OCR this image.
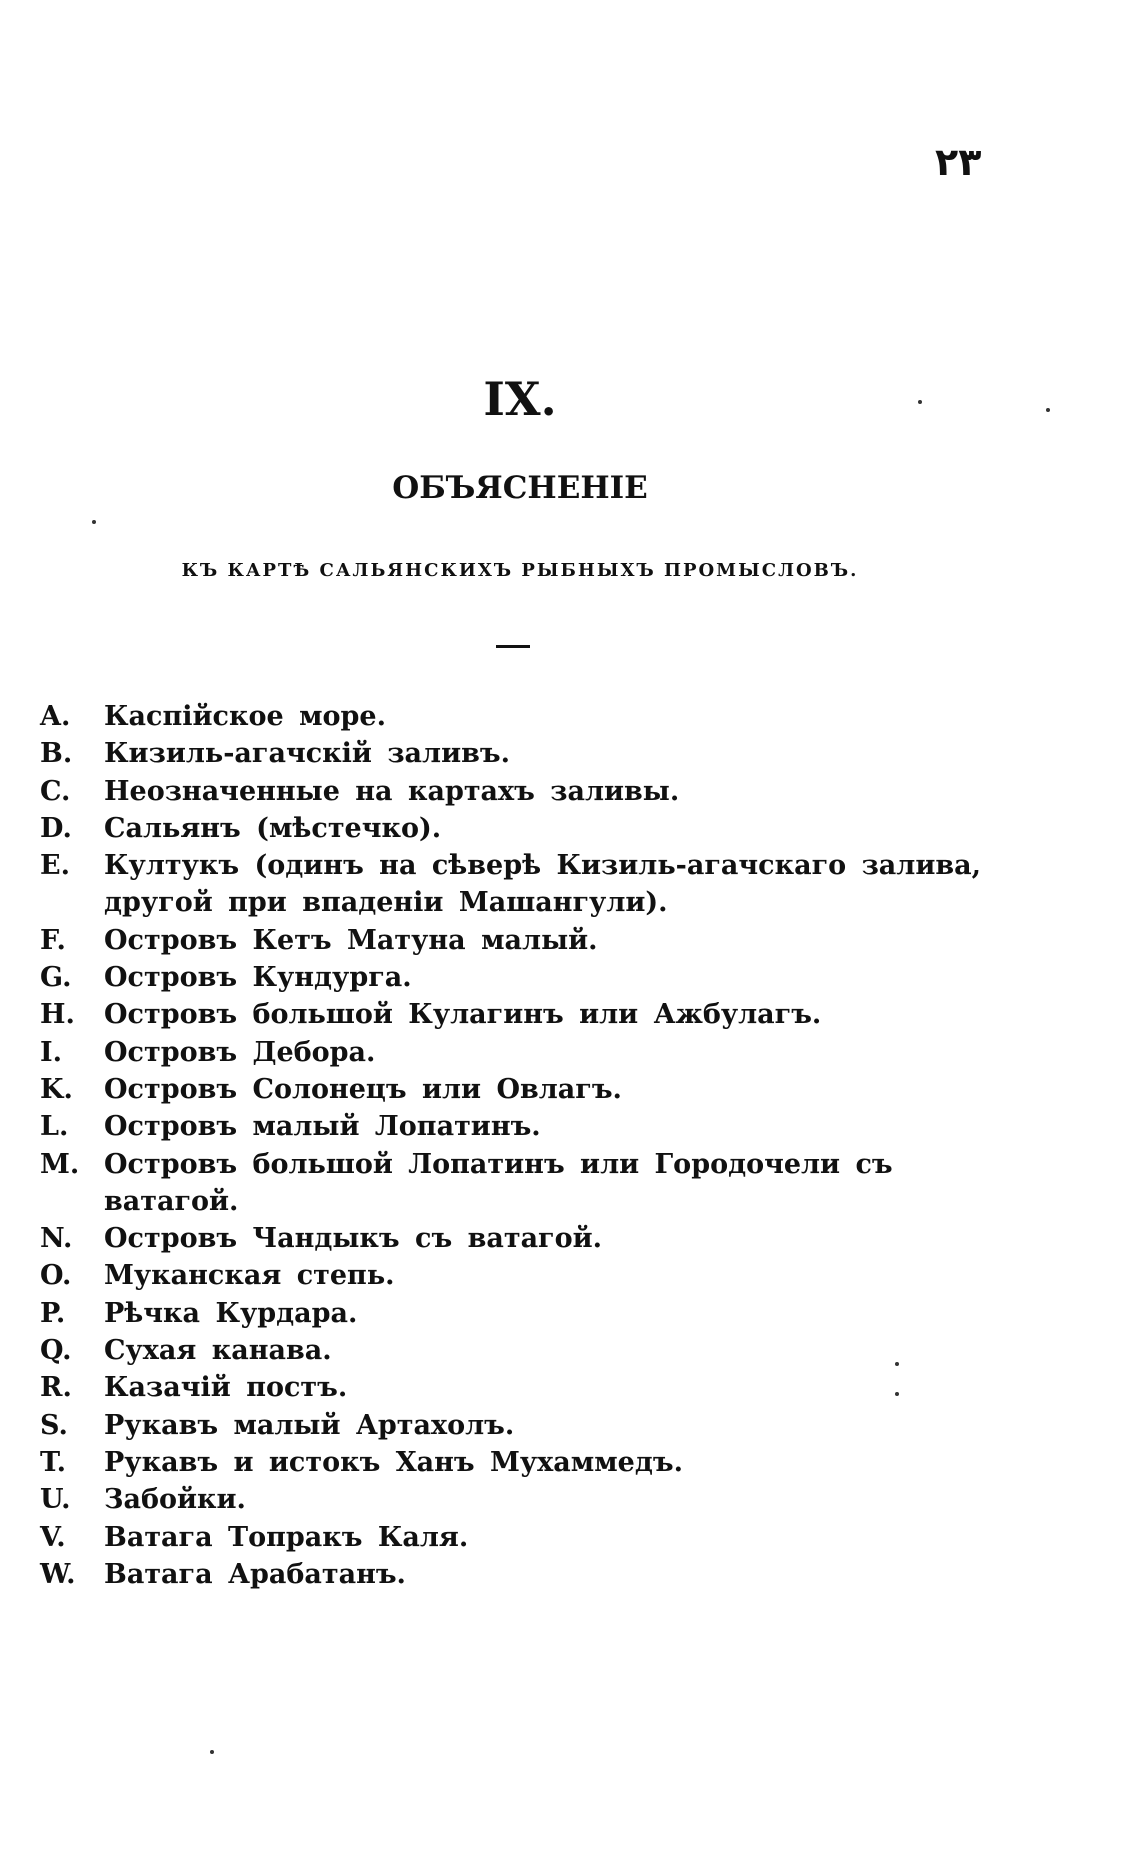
۲۳
IX.
ОБЪЯСНЕНІЕ
КЪ КАРТѢ САЛЬЯНСКИХЪ РЫБНЫХЪ ПРОМЫСЛОВЪ.
A.	Каспійское море.
B.	Кизиль-агачскій заливъ.
C.	Неозначенные на картахъ заливы.
D.	Сальянъ (мѣстечко).
E.	Култукъ (одинъ на сѣверѣ Кизиль-агачскаго залива, другой при впаденіи Машангули).
F.	Островъ Кетъ Матуна малый.
G.	Островъ Кундурга.
H.	Островъ большой Кулагинъ или Ажбулагъ.
I.	Островъ Дебора.
K.	Островъ Солонецъ или Овлагъ.
L.	Островъ малый Лопатинъ.
M. Островъ большой Лопатинъ или Городочели съ ватагой.
N.	Островъ Чандыкъ съ ватагой.
O.	Муканская степь.
P.	Рѣчка Курдара.
Q.	Сухая канава.
R.	Казачій постъ.
S.	Рукавъ малый Артахолъ.
T.	Рукавъ и истокъ Ханъ Мухаммедъ.
U.	Забойки.
V.	Ватага Топракъ Каля.
W.	Ватага Арабатанъ.
